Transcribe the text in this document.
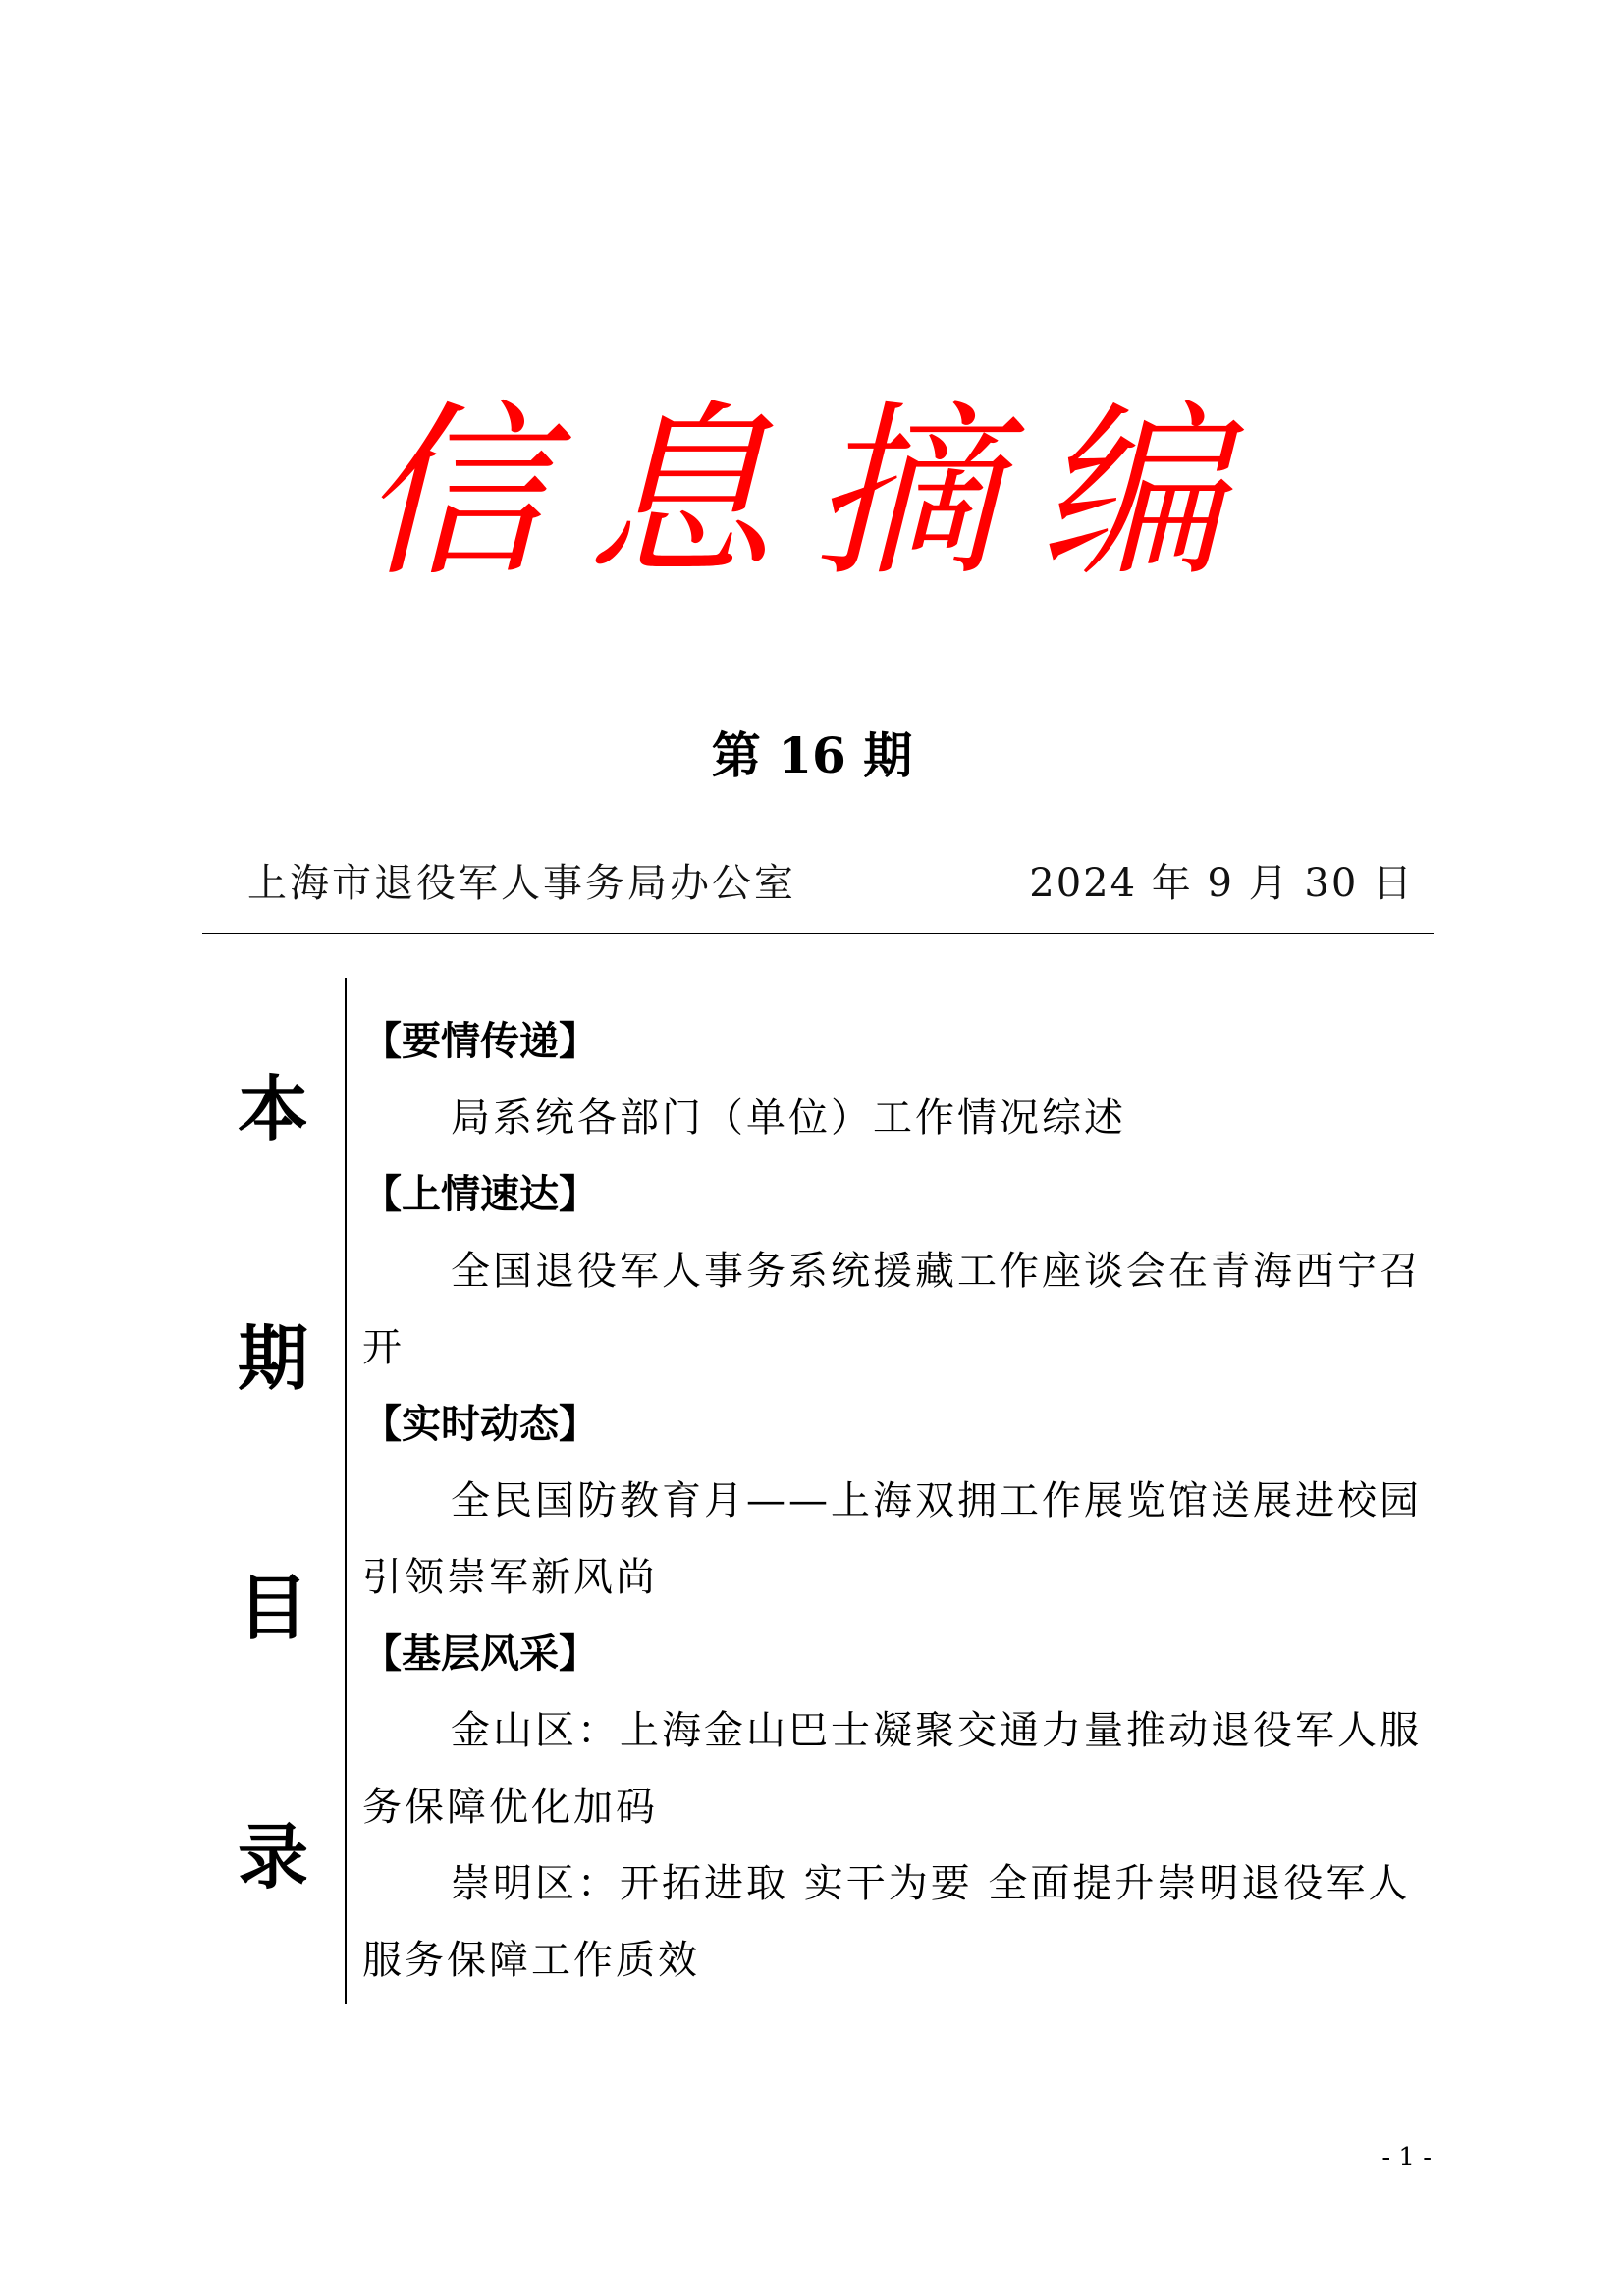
信息摘编
第 16 期
上海市退役军人事务局办公室	2024 年 9 月 30 日
本
期
目
录
【要情传递】
局系统各部门（单位）工作情况综述
【上情速达】
全国退役军人事务系统援藏工作座谈会在青海西宁召开
【实时动态】
全民国防教育月——上海双拥工作展览馆送展进校园引领崇军新风尚
【基层风采】
金山区：上海金山巴士凝聚交通力量推动退役军人服务保障优化加码
崇明区：开拓进取 实干为要 全面提升崇明退役军人服务保障工作质效
- 1 -
